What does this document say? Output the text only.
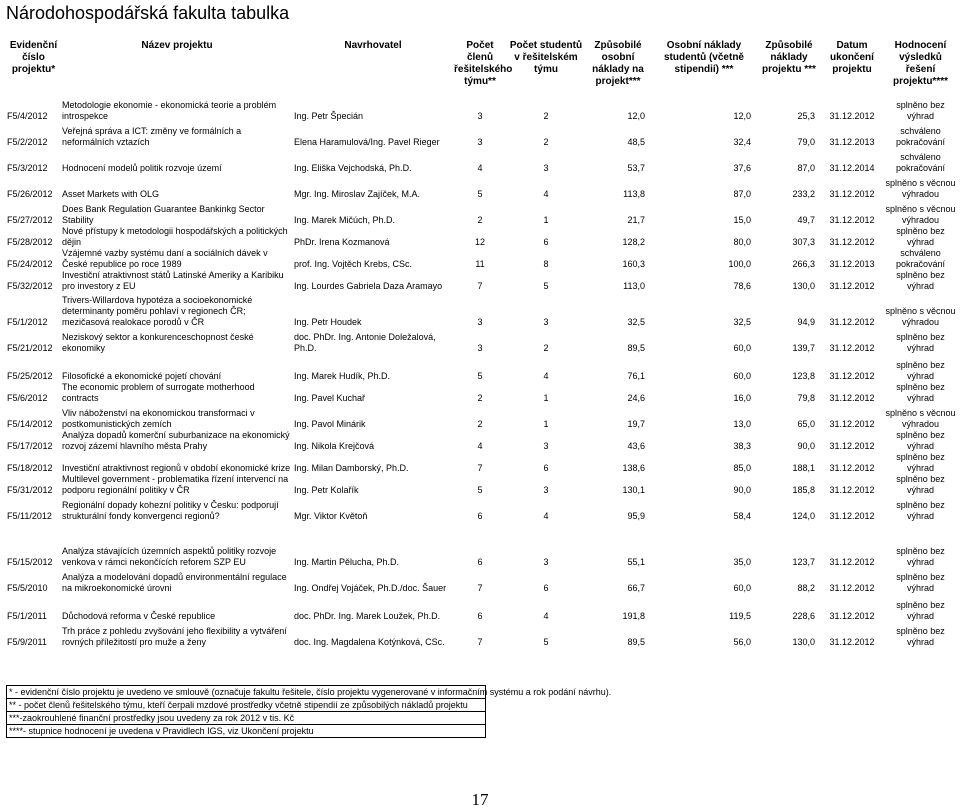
Národohospodářská fakulta tabulka
Evidenční číslo projektu*	Název projektu	Navrhovatel	Počet členů řešitelského týmu**	Počet studentů v řešitelském týmu	Způsobilé osobní náklady na projekt***	Osobní náklady studentů (včetně stipendií) ***	Způsobilé náklady projektu ***	Datum ukončení projektu	Hodnocení výsledků řešení projektu****
F5/4/2012	Metodologie ekonomie - ekonomická teorie a problém introspekce	Ing. Petr Špecián	3	2	12,0	12,0	25,3	31.12.2012	splněno bez výhrad
F5/2/2012	Veřejná správa a ICT: změny ve formálních a neformálních vztazích	Elena Haramulová/Ing. Pavel Rieger	3	2	48,5	32,4	79,0	31.12.2013	schváleno pokračování
F5/3/2012	Hodnocení modelů politik rozvoje území	Ing. Eliška Vejchodská, Ph.D.	4	3	53,7	37,6	87,0	31.12.2014	schváleno pokračování
F5/26/2012	Asset Markets with OLG	Mgr. Ing. Miroslav Zajíček, M.A.	5	4	113,8	87,0	233,2	31.12.2012	splněno s věcnou výhradou
F5/27/2012	Does Bank Regulation Guarantee Bankinkg Sector Stability	Ing. Marek Mičúch, Ph.D.	2	1	21,7	15,0	49,7	31.12.2012	splněno s věcnou výhradou
F5/28/2012	Nové přístupy k metodologii hospodářských a politických dějin	PhDr. Irena Kozmanová	12	6	128,2	80,0	307,3	31.12.2012	splněno bez výhrad
F5/24/2012	Vzájemné vazby systému daní a sociálních dávek v České republice po roce 1989	prof. Ing. Vojtěch Krebs, CSc.	11	8	160,3	100,0	266,3	31.12.2013	schváleno pokračování
F5/32/2012	Investiční atraktivnost států Latinské Ameriky a Karibiku pro investory z EU	Ing. Lourdes Gabriela Daza Aramayo	7	5	113,0	78,6	130,0	31.12.2012	splněno bez výhrad
F5/1/2012	Trivers-Willardova hypotéza a socioekonomické determinanty poměru pohlaví v regionech ČR; mezičasová realokace porodů v ČR	Ing. Petr Houdek	3	3	32,5	32,5	94,9	31.12.2012	splněno s věcnou výhradou
F5/21/2012	Neziskový sektor a konkurenceschopnost české ekonomiky	doc. PhDr. Ing. Antonie Doležalová, Ph.D.	3	2	89,5	60,0	139,7	31.12.2012	splněno bez výhrad
F5/25/2012	Filosofické a ekonomické pojetí chování	Ing. Marek Hudík, Ph.D.	5	4	76,1	60,0	123,8	31.12.2012	splněno bez výhrad
F5/6/2012	The economic problem of surrogate motherhood contracts	Ing. Pavel Kuchař	2	1	24,6	16,0	79,8	31.12.2012	splněno bez výhrad
F5/14/2012	Vliv náboženství na ekonomickou transformaci v postkomunistických zemích	Ing. Pavol Minárik	2	1	19,7	13,0	65,0	31.12.2012	splněno s věcnou výhradou
F5/17/2012	Analýza dopadů komerční suburbanizace na ekonomický rozvoj zázemí hlavního města Prahy	Ing. Nikola Krejčová	4	3	43,6	38,3	90,0	31.12.2012	splněno bez výhrad
F5/18/2012	Investiční atraktivnost regionů v období ekonomické krize	Ing. Milan Damborský, Ph.D.	7	6	138,6	85,0	188,1	31.12.2012	splněno bez výhrad
F5/31/2012	Multilevel government - problematika řízení intervencí na podporu regionální politiky v ČR	Ing. Petr Kolařík	5	3	130,1	90,0	185,8	31.12.2012	splněno bez výhrad
F5/11/2012	Regionální dopady kohezní politiky v Česku: podporují strukturální fondy konvergenci regionů?	Mgr. Viktor Květoň	6	4	95,9	58,4	124,0	31.12.2012	splněno bez výhrad
F5/15/2012	Analýza stávajících územních aspektů politiky rozvoje venkova v rámci nekončících reforem SZP EU	Ing. Martin Pělucha, Ph.D.	6	3	55,1	35,0	123,7	31.12.2012	splněno bez výhrad
F5/5/2010	Analýza a modelování dopadů environmentální regulace na mikroekonomické úrovni	Ing. Ondřej Vojáček, Ph.D./doc. Šauer	7	6	66,7	60,0	88,2	31.12.2012	splněno bez výhrad
F5/1/2011	Důchodová reforma v České republice	doc. PhDr. Ing. Marek Loužek, Ph.D.	6	4	191,8	119,5	228,6	31.12.2012	splněno bez výhrad
F5/9/2011	Trh práce z pohledu zvyšování jeho flexibility a vytváření rovných příležitostí pro muže a ženy	doc. Ing. Magdalena Kotýnková, CSc.	7	5	89,5	56,0	130,0	31.12.2012	splněno bez výhrad
* - evidenční číslo projektu je uvedeno ve smlouvě (označuje fakultu řešitele, číslo projektu vygenerované v informačním systému a rok podání návrhu).
** - počet členů řešitelského týmu, kteří čerpali mzdové prostředky včetně stipendií ze způsobilých nákladů projektu
***-zaokrouhlené finanční prostředky jsou uvedeny za rok 2012 v tis. Kč
****- stupnice hodnocení je uvedena v Pravidlech IGS, viz Ukončení projektu
17
